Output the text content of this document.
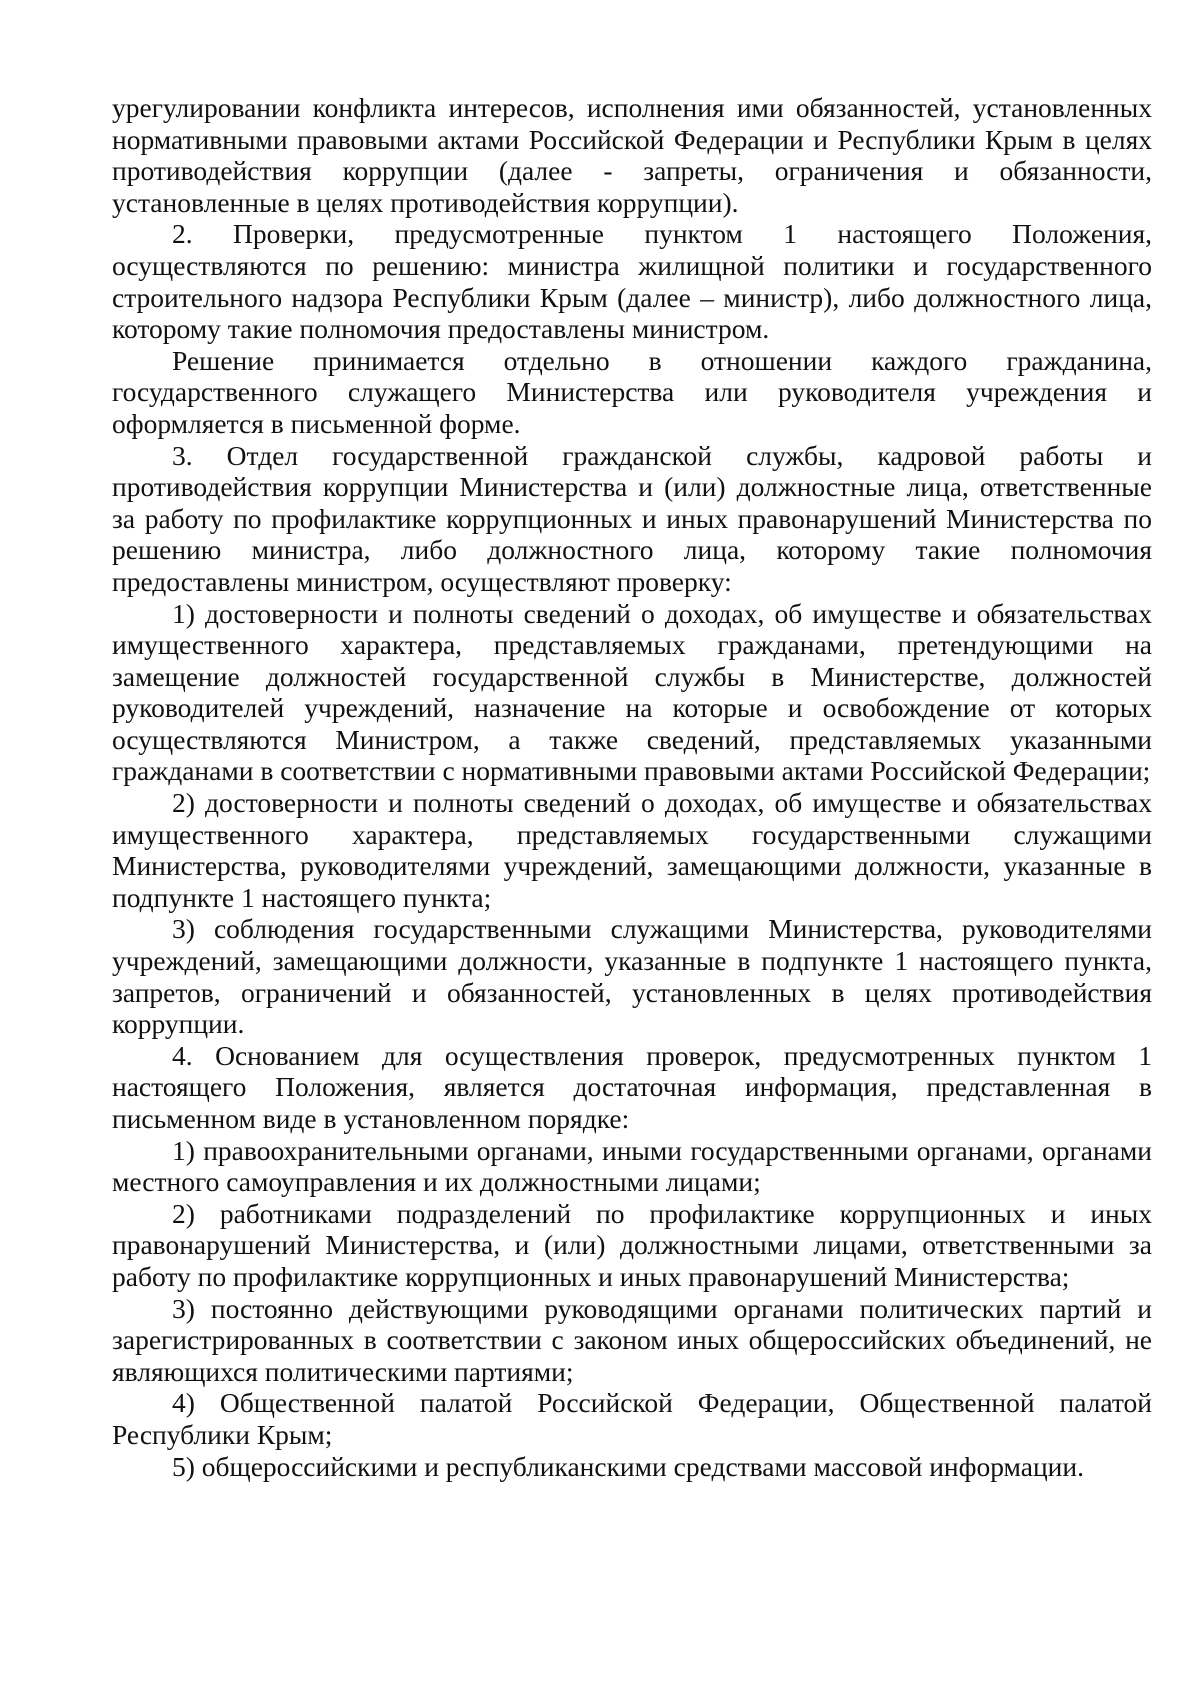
урегулировании конфликта интересов, исполнения ими обязанностей, установленных нормативными правовыми актами Российской Федерации и Республики Крым в целях противодействия коррупции (далее - запреты, ограничения и обязанности, установленные в целях противодействия коррупции).

2. Проверки, предусмотренные пунктом 1 настоящего Положения, осуществляются по решению: министра жилищной политики и государственного строительного надзора Республики Крым (далее – министр), либо должностного лица, которому такие полномочия предоставлены министром.

Решение принимается отдельно в отношении каждого гражданина, государственного служащего Министерства или руководителя учреждения и оформляется в письменной форме.

3. Отдел государственной гражданской службы, кадровой работы и противодействия коррупции Министерства и (или) должностные лица, ответственные за работу по профилактике коррупционных и иных правонарушений Министерства по решению министра, либо должностного лица, которому такие полномочия предоставлены министром, осуществляют проверку:

1) достоверности и полноты сведений о доходах, об имуществе и обязательствах имущественного характера, представляемых гражданами, претендующими на замещение должностей государственной службы в Министерстве, должностей руководителей учреждений, назначение на которые и освобождение от которых осуществляются Министром, а также сведений, представляемых указанными гражданами в соответствии с нормативными правовыми актами Российской Федерации;

2) достоверности и полноты сведений о доходах, об имуществе и обязательствах имущественного характера, представляемых государственными служащими Министерства, руководителями учреждений, замещающими должности, указанные в подпункте 1 настоящего пункта;

3) соблюдения государственными служащими Министерства, руководителями учреждений, замещающими должности, указанные в подпункте 1 настоящего пункта, запретов, ограничений и обязанностей, установленных в целях противодействия коррупции.

4. Основанием для осуществления проверок, предусмотренных пунктом 1 настоящего Положения, является достаточная информация, представленная в письменном виде в установленном порядке:

1) правоохранительными органами, иными государственными органами, органами местного самоуправления и их должностными лицами;

2) работниками подразделений по профилактике коррупционных и иных правонарушений Министерства, и (или) должностными лицами, ответственными за работу по профилактике коррупционных и иных правонарушений Министерства;

3) постоянно действующими руководящими органами политических партий и зарегистрированных в соответствии с законом иных общероссийских объединений, не являющихся политическими партиями;

4) Общественной палатой Российской Федерации, Общественной палатой Республики Крым;

5) общероссийскими и республиканскими средствами массовой информации.
